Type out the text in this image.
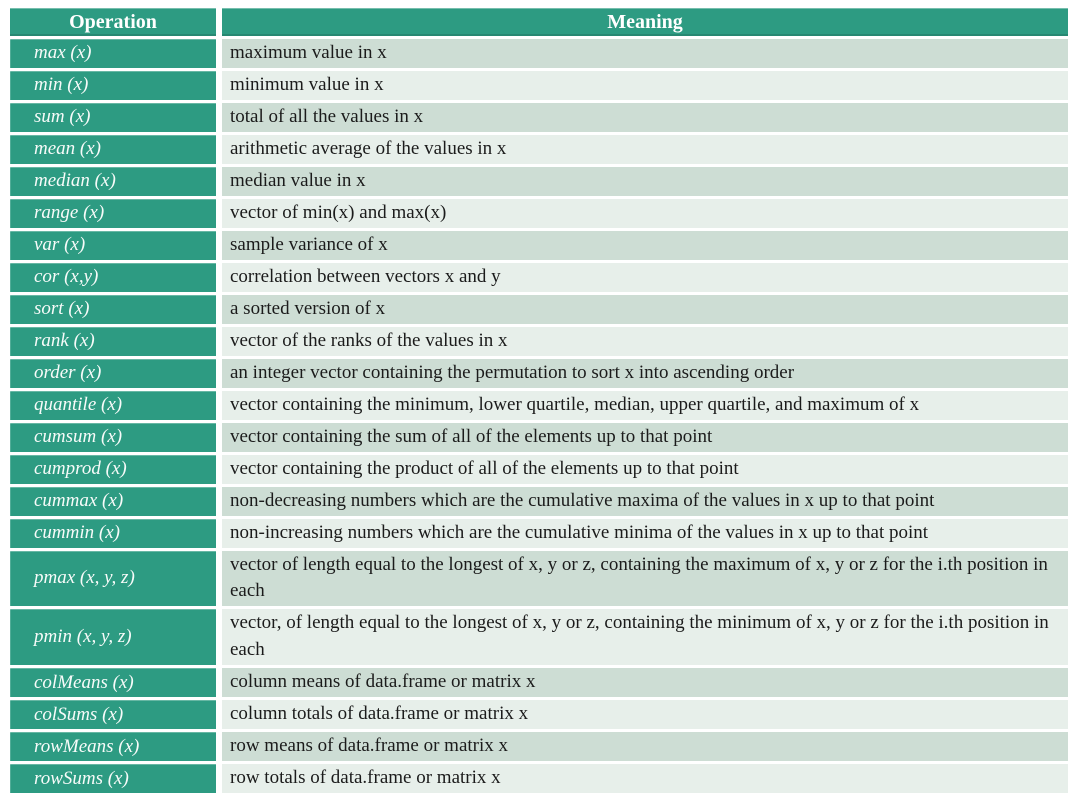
Operation	Meaning
max (x)	maximum value in x
min (x)	minimum value in x
sum (x)	total of all the values in x
mean (x)	arithmetic average of the values in x
median (x)	median value in x
range (x)	vector of min(x) and max(x)
var (x)	sample variance of x
cor (x,y)	correlation between vectors x and y
sort (x)	a sorted version of x
rank (x)	vector of the ranks of the values in x
order (x)	an integer vector containing the permutation to sort x into ascending order
quantile (x)	vector containing the minimum, lower quartile, median, upper quartile, and maximum of x
cumsum (x)	vector containing the sum of all of the elements up to that point
cumprod (x)	vector containing the product of all of the elements up to that point
cummax (x)	non-decreasing numbers which are the cumulative maxima of the values in x up to that point
cummin (x)	non-increasing numbers which are the cumulative minima of the values in x up to that point
pmax (x, y, z)	vector of length equal to the longest of x, y or z, containing the maximum of x, y or z for the i.th position in each
pmin (x, y, z)	vector, of length equal to the longest of x, y or z, containing the minimum of x, y or z for the i.th position in each
colMeans (x)	column means of data.frame or matrix x
colSums (x)	column totals of data.frame or matrix x
rowMeans (x)	row means of data.frame or matrix x
rowSums (x)	row totals of data.frame or matrix x
